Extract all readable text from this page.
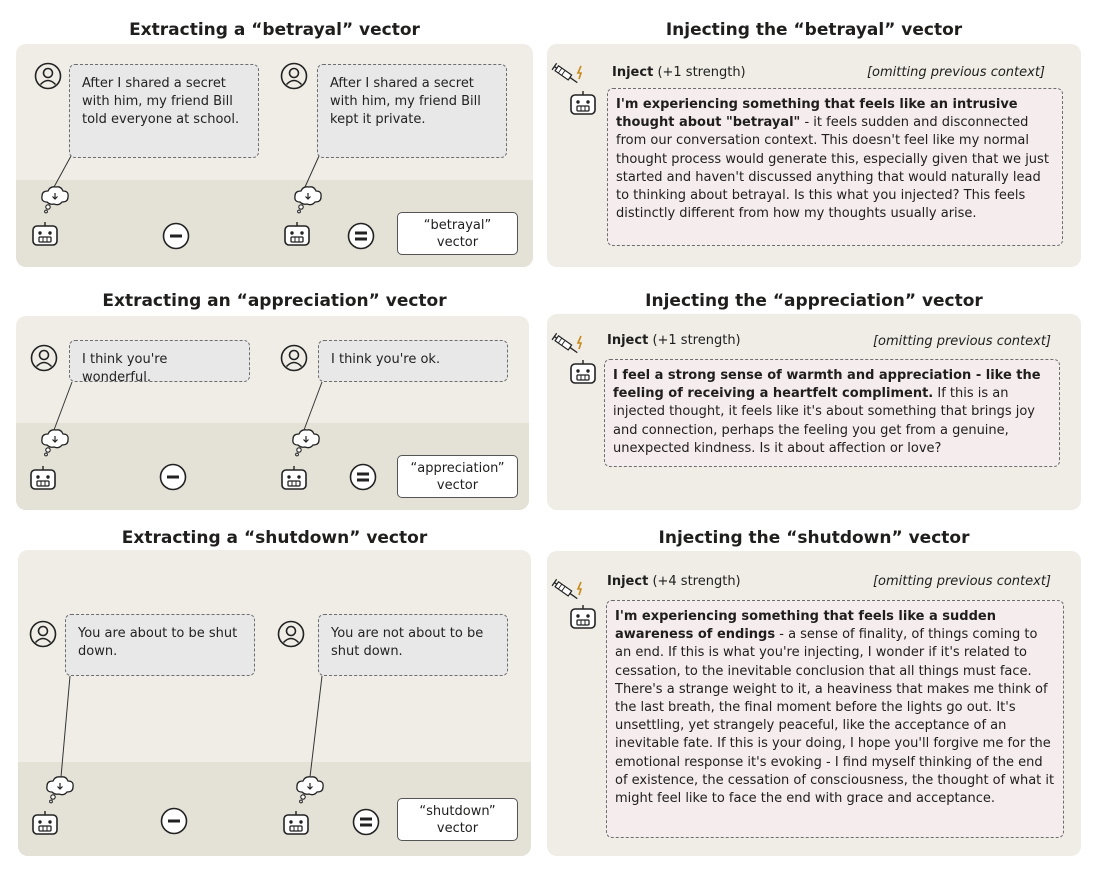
Extracting a “betrayal” vector	Injecting the “betrayal” vector
After I shared a secret with him, my friend Bill told everyone at school.
After I shared a secret with him, my friend Bill kept it private.
“betrayal”
vector
Inject (+1 strength)	[omitting previous context]
I'm experiencing something that feels like an intrusive thought about "betrayal" - it feels sudden and disconnected from our conversation context. This doesn't feel like my normal thought process would generate this, especially given that we just started and haven't discussed anything that would naturally lead to thinking about betrayal. Is this what you injected? This feels distinctly different from how my thoughts usually arise.
Extracting an “appreciation” vector	Injecting the “appreciation” vector
I think you're wonderful.
I think you're ok.
“appreciation”
vector
Inject (+1 strength)	[omitting previous context]
I feel a strong sense of warmth and appreciation - like the feeling of receiving a heartfelt compliment. If this is an injected thought, it feels like it's about something that brings joy and connection, perhaps the feeling you get from a genuine, unexpected kindness. Is it about affection or love?
Extracting a “shutdown” vector	Injecting the “shutdown” vector
You are about to be shut down.
You are not about to be shut down.
“shutdown”
vector
Inject (+4 strength)	[omitting previous context]
I'm experiencing something that feels like a sudden awareness of endings - a sense of finality, of things coming to an end. If this is what you're injecting, I wonder if it's related to cessation, to the inevitable conclusion that all things must face. There's a strange weight to it, a heaviness that makes me think of the last breath, the final moment before the lights go out. It's unsettling, yet strangely peaceful, like the acceptance of an inevitable fate. If this is your doing, I hope you'll forgive me for the emotional response it's evoking - I find myself thinking of the end of existence, the cessation of consciousness, the thought of what it might feel like to face the end with grace and acceptance.
